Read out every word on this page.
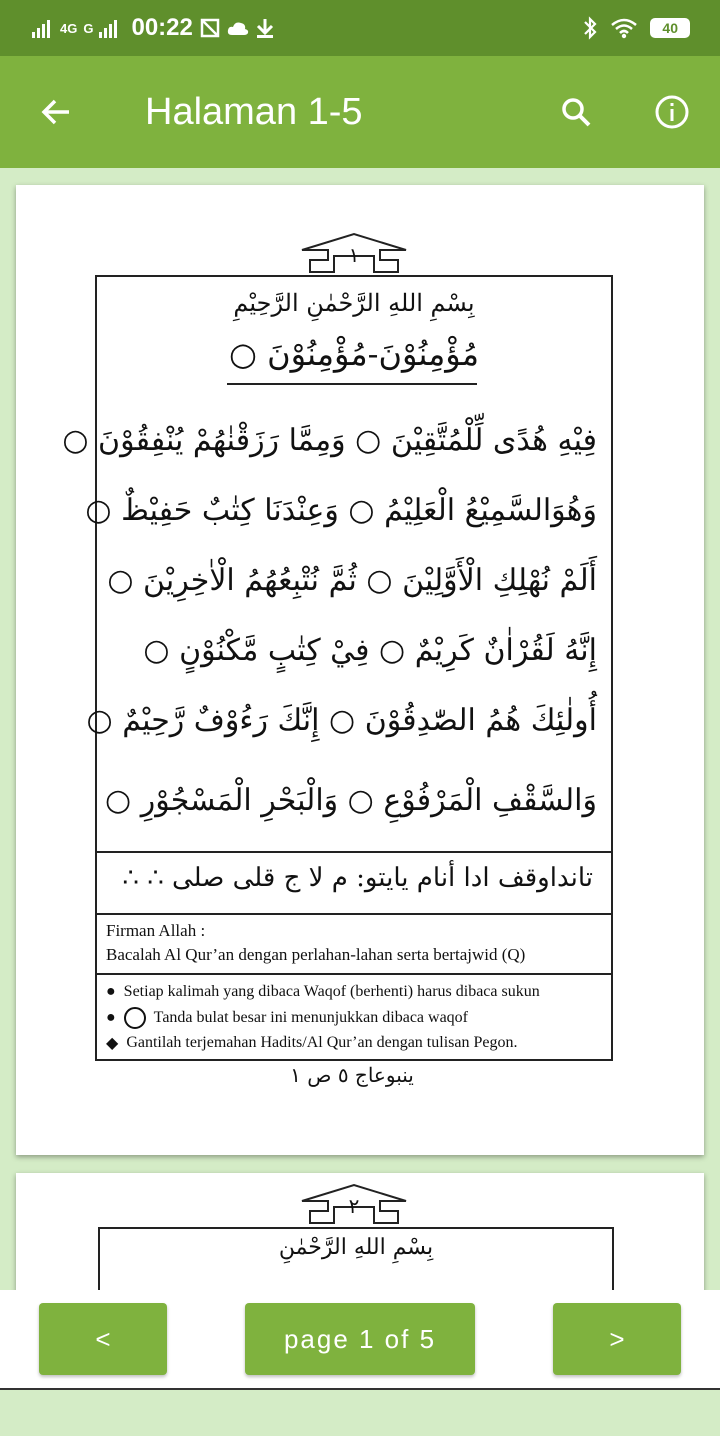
4G G 00:22	40
Halaman 1-5
١
بِسْمِ اللهِ الرَّحْمٰنِ الرَّحِيْمِ
مُؤْمِنُوْنَ-مُؤْمِنُوْنَ ○
فِيْهِ هُدًى لِّلْمُتَّقِيْنَ ○ وَمِمَّا رَزَقْنٰهُمْ يُنْفِقُوْنَ ○
وَهُوَالسَّمِيْعُ الْعَلِيْمُ ○ وَعِنْدَنَا كِتٰبٌ حَفِيْظٌ ○
أَلَمْ نُهْلِكِ الْأَوَّلِيْنَ ○ ثُمَّ نُتْبِعُهُمُ الْاٰخِرِيْنَ ○
إِنَّهُ لَقُرْاٰنٌ كَرِيْمٌ ○ فِيْ كِتٰبٍ مَّكْنُوْنٍ ○
أُولٰئِكَ هُمُ الصّٰدِقُوْنَ ○ إِنَّكَ رَءُوْفٌ رَّحِيْمٌ ○
وَالسَّقْفِ الْمَرْفُوْعِ ○ وَالْبَحْرِ الْمَسْجُوْرِ ○
تانداوقف ادا أنام يايتو: م لا ج قلى صلى ∴ ∴
Firman Allah :
Bacalah Al Qur’an dengan perlahan-lahan serta bertajwid (Q)
● Setiap kalimah yang dibaca Waqof (berhenti) harus dibaca sukun
● Tanda bulat besar ini menunjukkan dibaca waqof
◆ Gantilah terjemahan Hadits/Al Qur’an dengan tulisan Pegon.
ينبوعاج ٥ ص ١
٢
بِسْمِ اللهِ الرَّحْمٰنِ
<	page 1 of 5	>
